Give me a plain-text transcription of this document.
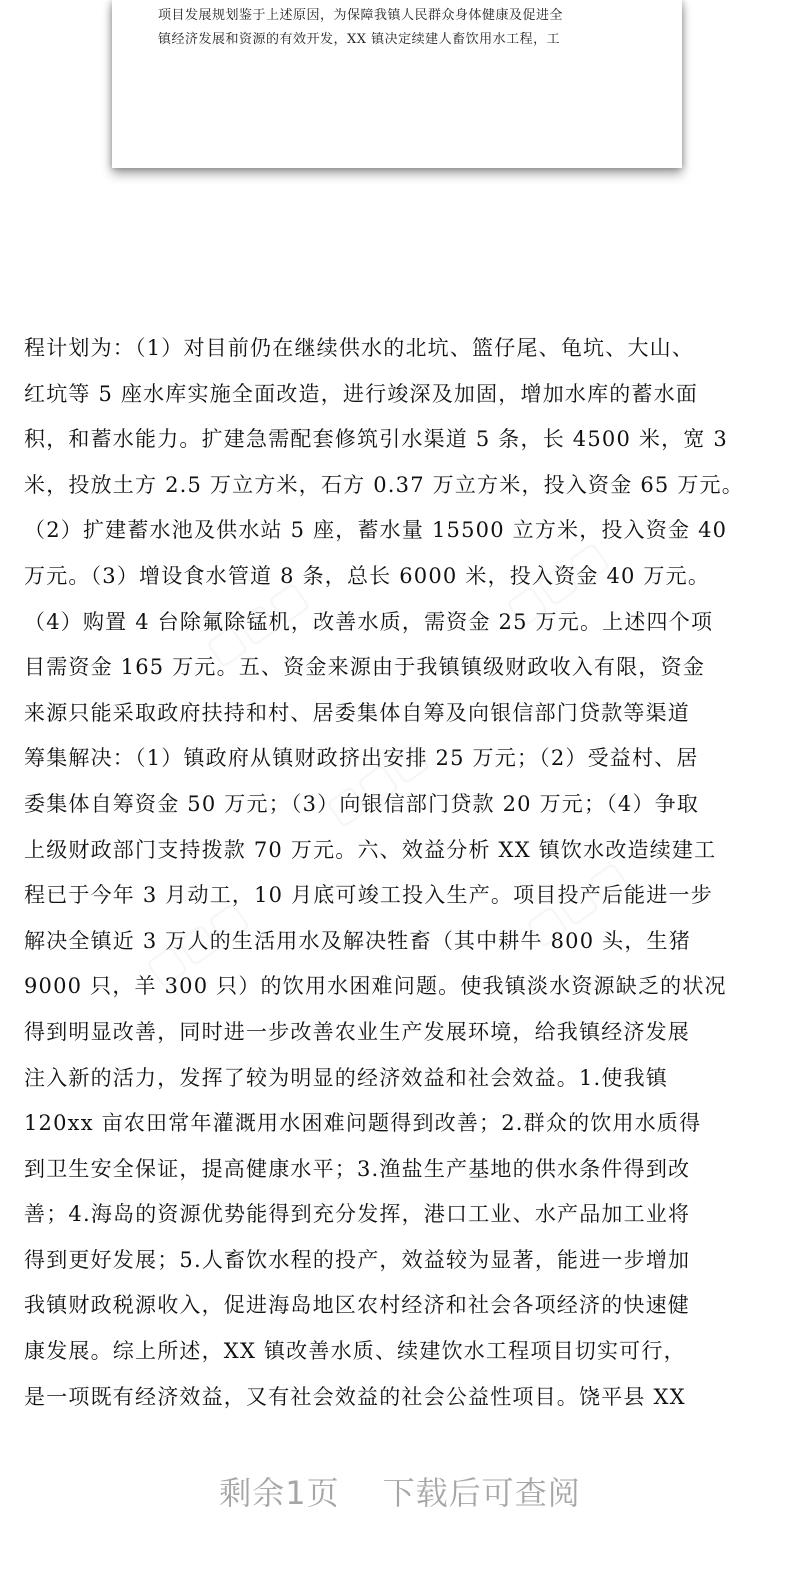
项目发展规划鉴于上述原因，为保障我镇人民群众身体健康及促进全
镇经济发展和资源的有效开发，XX 镇决定续建人畜饮用水工程，工
程计划为：（1）对目前仍在继续供水的北坑、篮仔尾、龟坑、大山、
红坑等 5 座水库实施全面改造，进行竣深及加固，增加水库的蓄水面
积，和蓄水能力。扩建急需配套修筑引水渠道 5 条，长 4500 米，宽 3
米，投放土方 2.5 万立方米，石方 0.37 万立方米，投入资金 65 万元。
（2）扩建蓄水池及供水站 5 座，蓄水量 15500 立方米，投入资金 40
万元。（3）增设食水管道 8 条，总长 6000 米，投入资金 40 万元。
（4）购置 4 台除氟除锰机，改善水质，需资金 25 万元。上述四个项
目需资金 165 万元。五、资金来源由于我镇镇级财政收入有限，资金
来源只能采取政府扶持和村、居委集体自筹及向银信部门贷款等渠道
筹集解决：（1）镇政府从镇财政挤出安排 25 万元；（2）受益村、居
委集体自筹资金 50 万元；（3）向银信部门贷款 20 万元；（4）争取
上级财政部门支持拨款 70 万元。六、效益分析 XX 镇饮水改造续建工
程已于今年 3 月动工，10 月底可竣工投入生产。项目投产后能进一步
解决全镇近 3 万人的生活用水及解决牲畜（其中耕牛 800 头，生猪
9000 只，羊 300 只）的饮用水困难问题。使我镇淡水资源缺乏的状况
得到明显改善，同时进一步改善农业生产发展环境，给我镇经济发展
注入新的活力，发挥了较为明显的经济效益和社会效益。1.使我镇
120xx 亩农田常年灌溉用水困难问题得到改善；2.群众的饮用水质得
到卫生安全保证，提高健康水平；3.渔盐生产基地的供水条件得到改
善；4.海岛的资源优势能得到充分发挥，港口工业、水产品加工业将
得到更好发展；5.人畜饮水程的投产，效益较为显著，能进一步增加
我镇财政税源收入，促进海岛地区农村经济和社会各项经济的快速健
康发展。综上所述，XX 镇改善水质、续建饮水工程项目切实可行，
是一项既有经济效益，又有社会效益的社会公益性项目。饶平县 XX
剩余1页 下载后可查阅
